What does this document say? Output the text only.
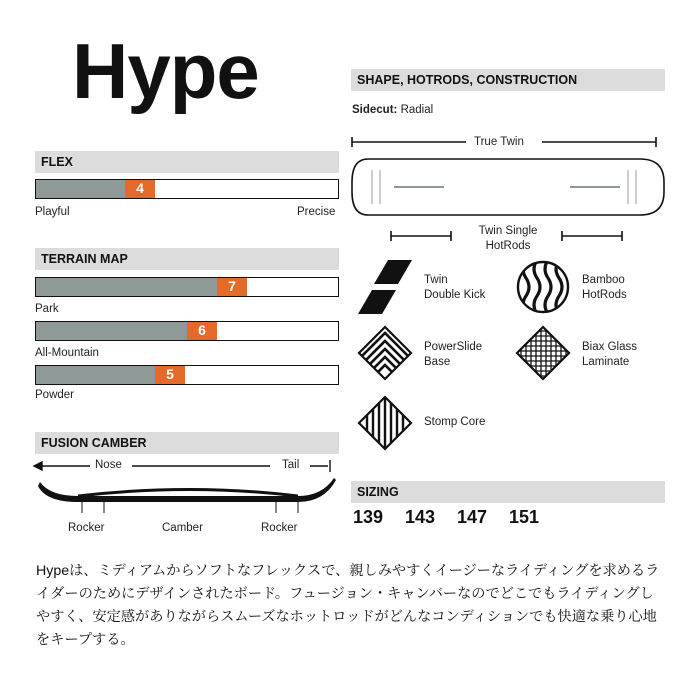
Hype
FLEX
4
Playful	Precise
TERRAIN MAP
7
Park
6
All-Mountain
5
Powder
FUSION CAMBER
Nose	Tail
Rocker	Camber	Rocker
SHAPE, HOTRODS, CONSTRUCTION
Sidecut: Radial
True Twin
Twin Single
HotRods
Twin
Double Kick
Bamboo
HotRods
PowerSlide
Base
Biax Glass
Laminate
Stomp Core
SIZING
139 143 147 151
Hypeは、ミディアムからソフトなフレックスで、親しみやすくイージーなライディングを求めるライダーのためにデザインされたボード。フュージョン・キャンバーなのでどこでもライディングしやすく、安定感がありながらスムーズなホットロッドがどんなコンディションでも快適な乗り心地をキープする。
